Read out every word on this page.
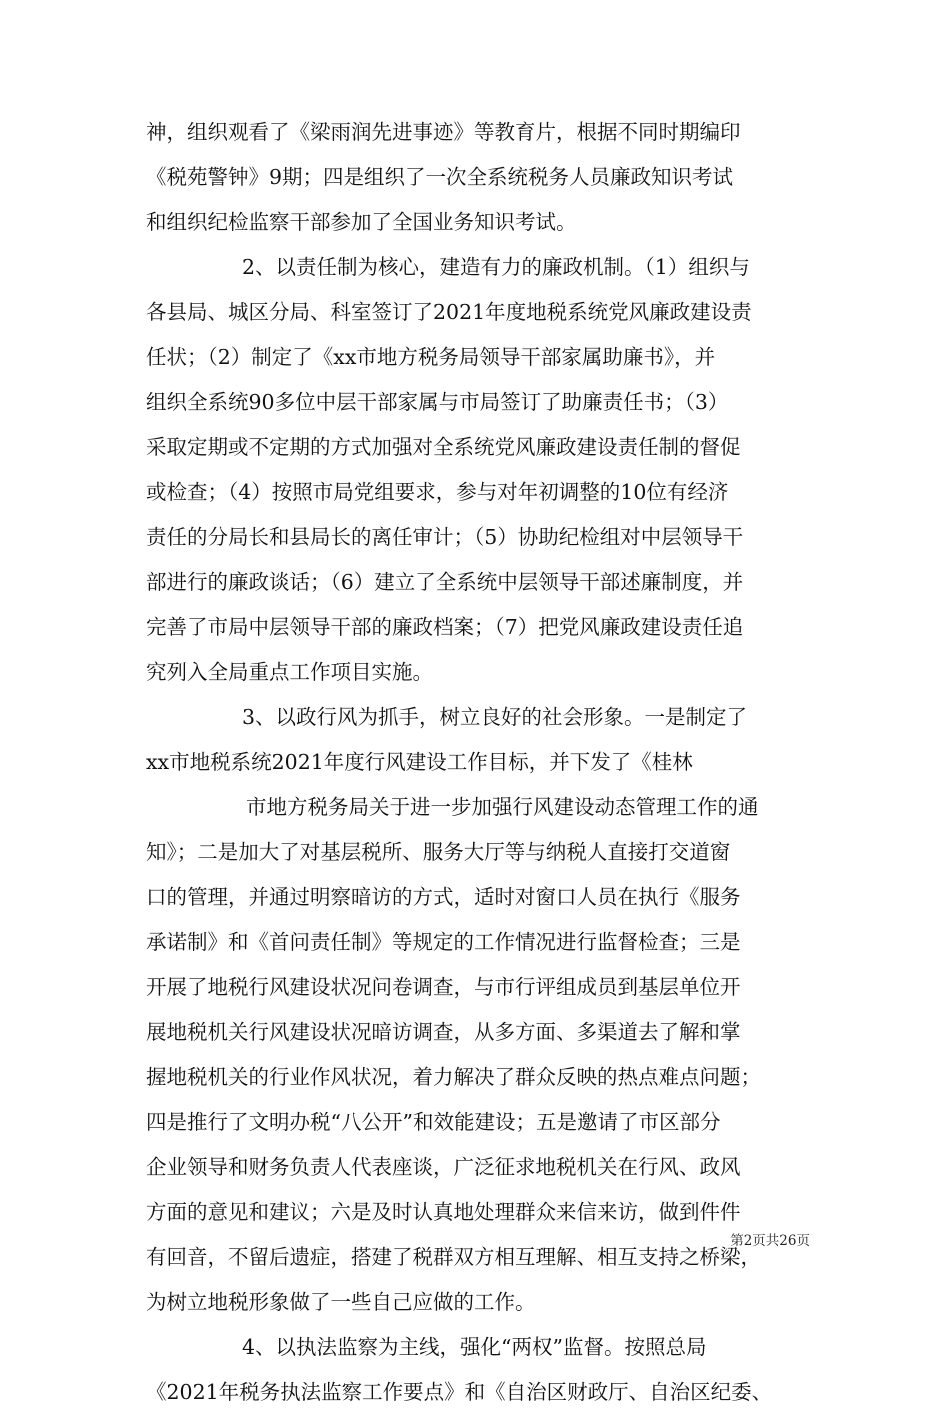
神，组织观看了《梁雨润先进事迹》等教育片，根据不同时期编印
《税苑警钟》9期；四是组织了一次全系统税务人员廉政知识考试
和组织纪检监察干部参加了全国业务知识考试。
2、以责任制为核心，建造有力的廉政机制。（1）组织与
各县局、城区分局、科室签订了2021年度地税系统党风廉政建设责
任状；（2）制定了《xx市地方税务局领导干部家属助廉书》，并
组织全系统90多位中层干部家属与市局签订了助廉责任书；（3）
采取定期或不定期的方式加强对全系统党风廉政建设责任制的督促
或检查；（4）按照市局党组要求，参与对年初调整的10位有经济
责任的分局长和县局长的离任审计；（5）协助纪检组对中层领导干
部进行的廉政谈话；（6）建立了全系统中层领导干部述廉制度，并
完善了市局中层领导干部的廉政档案；（7）把党风廉政建设责任追
究列入全局重点工作项目实施。
3、以政行风为抓手，树立良好的社会形象。一是制定了
xx市地税系统2021年度行风建设工作目标，并下发了《桂林
市地方税务局关于进一步加强行风建设动态管理工作的通
知》；二是加大了对基层税所、服务大厅等与纳税人直接打交道窗
口的管理，并通过明察暗访的方式，适时对窗口人员在执行《服务
承诺制》和《首问责任制》等规定的工作情况进行监督检查；三是
开展了地税行风建设状况问卷调查，与市行评组成员到基层单位开
展地税机关行风建设状况暗访调查，从多方面、多渠道去了解和掌
握地税机关的行业作风状况，着力解决了群众反映的热点难点问题；
四是推行了文明办税“八公开”和效能建设；五是邀请了市区部分
企业领导和财务负责人代表座谈，广泛征求地税机关在行风、政风
方面的意见和建议；六是及时认真地处理群众来信来访，做到件件
有回音，不留后遗症，搭建了税群双方相互理解、相互支持之桥梁，
为树立地税形象做了一些自己应做的工作。
4、以执法监察为主线，强化“两权”监督。按照总局
《2021年税务执法监察工作要点》和《自治区财政厅、自治区纪委、
第2页共26页
